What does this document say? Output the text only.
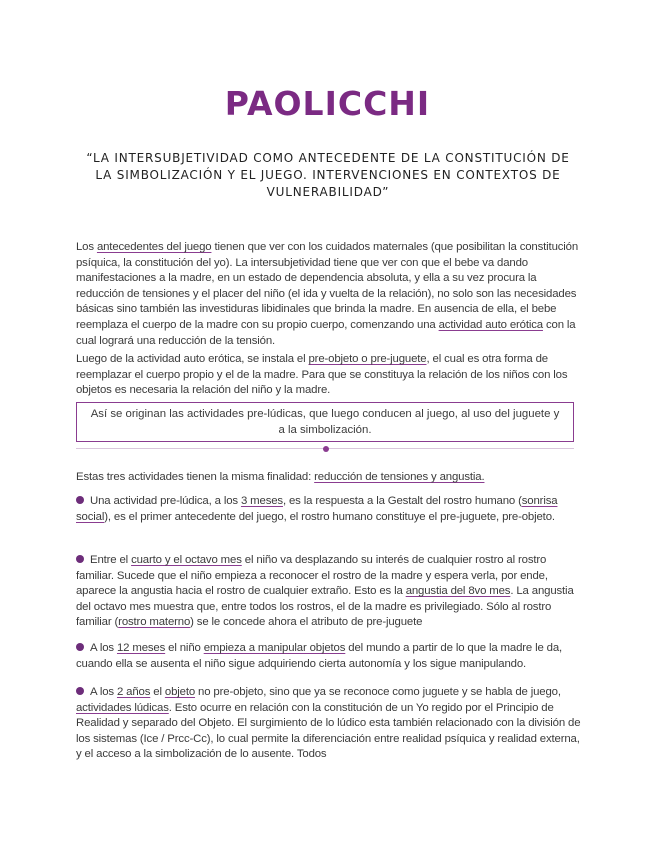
PAOLICCHI
“LA INTERSUBJETIVIDAD COMO ANTECEDENTE DE LA CONSTITUCIÓN DE LA SIMBOLIZACIÓN Y EL JUEGO. INTERVENCIONES EN CONTEXTOS DE VULNERABILIDAD”

Los antecedentes del juego tienen que ver con los cuidados maternales (que posibilitan la constitución psíquica, la constitución del yo). La intersubjetividad tiene que ver con que el bebe va dando manifestaciones a la madre, en un estado de dependencia absoluta, y ella a su vez procura la reducción de tensiones y el placer del niño (el ida y vuelta de la relación), no solo son las necesidades básicas sino también las investiduras libidinales que brinda la madre. En ausencia de ella, el bebe reemplaza el cuerpo de la madre con su propio cuerpo, comenzando una actividad auto erótica con la cual logrará una reducción de la tensión.

Luego de la actividad auto erótica, se instala el pre-objeto o pre-juguete, el cual es otra forma de reemplazar el cuerpo propio y el de la madre. Para que se constituya la relación de los niños con los objetos es necesaria la relación del niño y la madre.

Así se originan las actividades pre-lúdicas, que luego conducen al juego, al uso del juguete y a la simbolización.

Estas tres actividades tienen la misma finalidad: reducción de tensiones y angustia.

Una actividad pre-lúdica, a los 3 meses, es la respuesta a la Gestalt del rostro humano (sonrisa social), es el primer antecedente del juego, el rostro humano constituye el pre-juguete, pre-objeto.

Entre el cuarto y el octavo mes el niño va desplazando su interés de cualquier rostro al rostro familiar. Sucede que el niño empieza a reconocer el rostro de la madre y espera verla, por ende, aparece la angustia hacia el rostro de cualquier extraño. Esto es la angustia del 8vo mes. La angustia del octavo mes muestra que, entre todos los rostros, el de la madre es privilegiado. Sólo al rostro familiar (rostro materno) se le concede ahora el atributo de pre-juguete

A los 12 meses el niño empieza a manipular objetos del mundo a partir de lo que la madre le da, cuando ella se ausenta el niño sigue adquiriendo cierta autonomía y los sigue manipulando.

A los 2 años el objeto no pre-objeto, sino que ya se reconoce como juguete y se habla de juego, actividades lúdicas. Esto ocurre en relación con la constitución de un Yo regido por el Principio de Realidad y separado del Objeto. El surgimiento de lo lúdico esta también relacionado con la división de los sistemas (Ice / Prcc-Cc), lo cual permite la diferenciación entre realidad psíquica y realidad externa, y el acceso a la simbolización de lo ausente. Todos
